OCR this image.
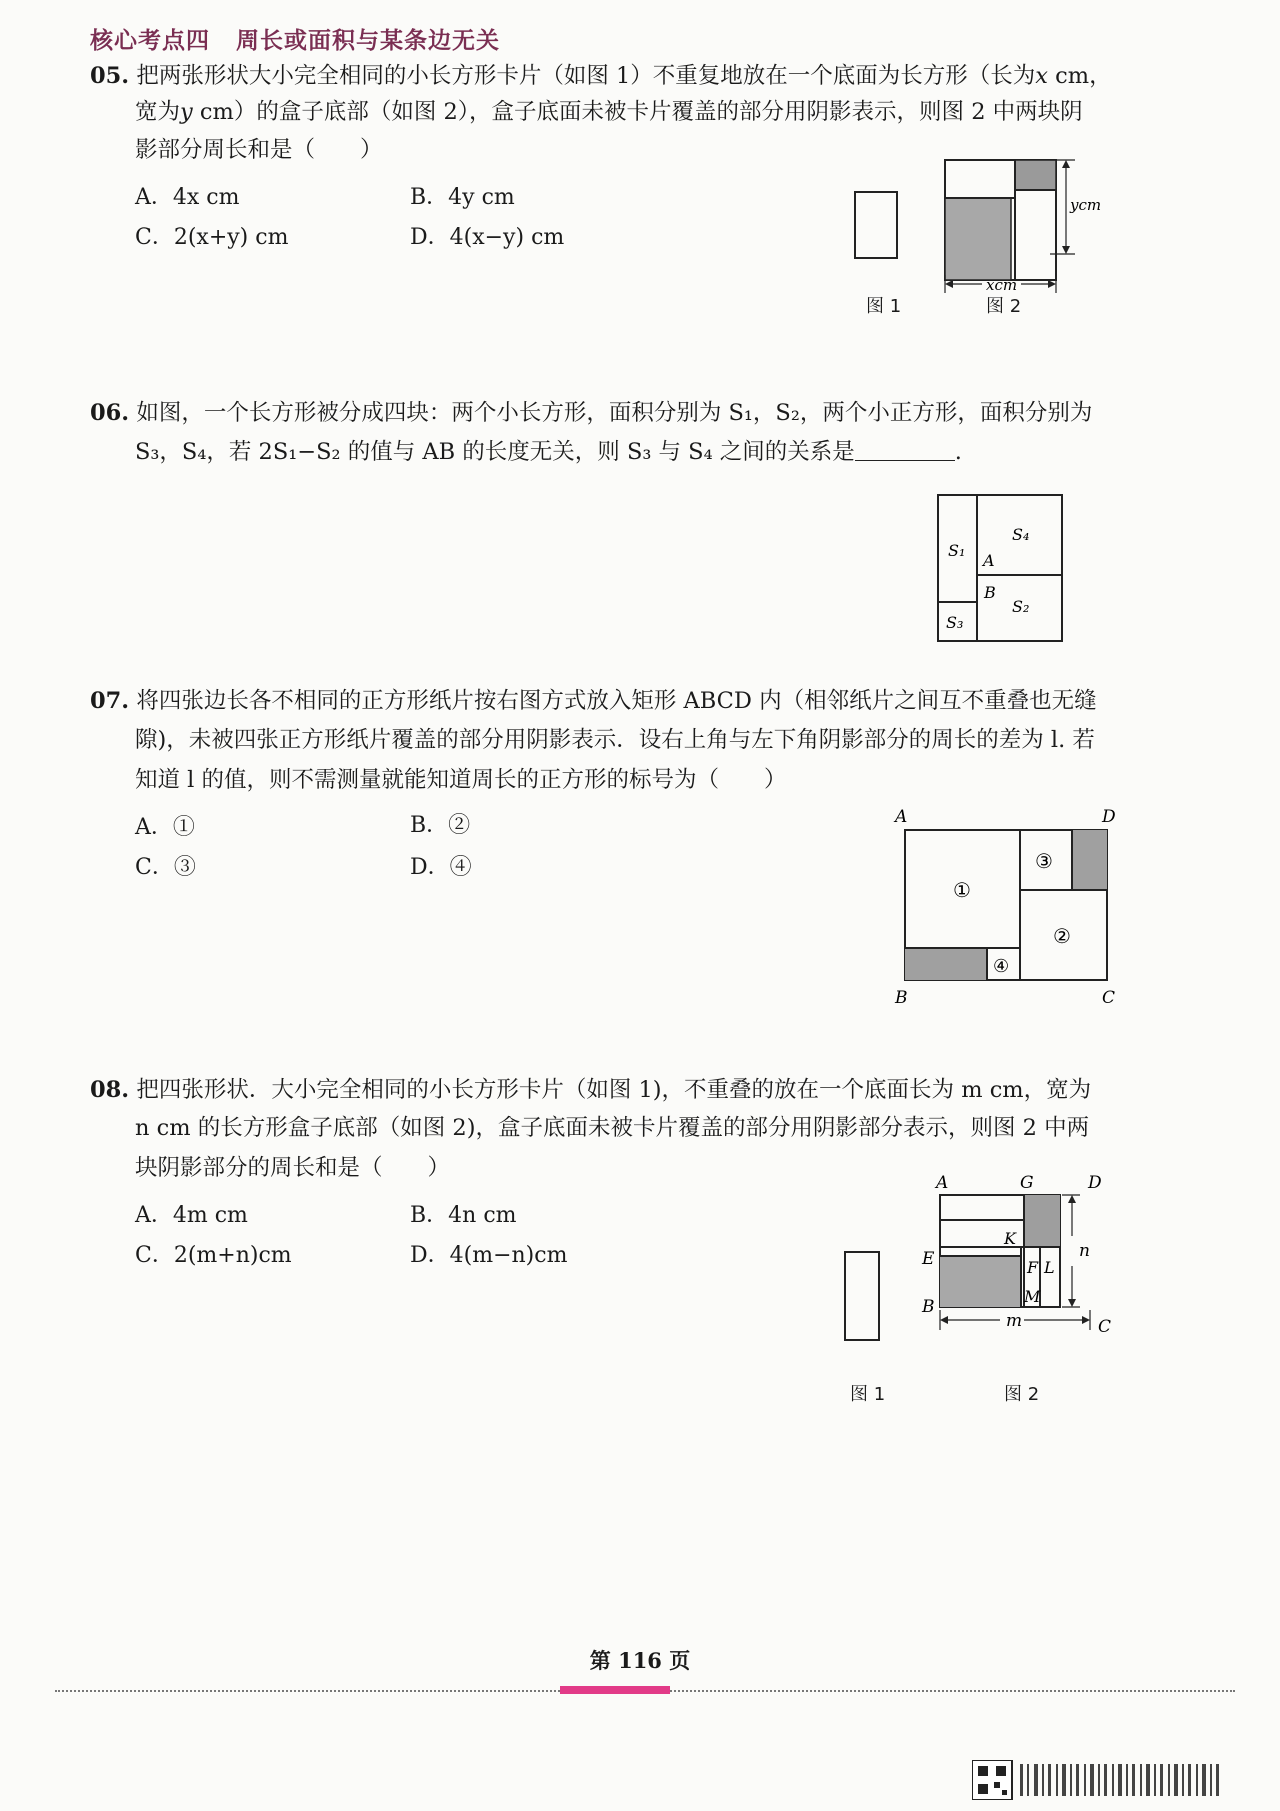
核心考点四 周长或面积与某条边无关
05. 把两张形状大小完全相同的小长方形卡片（如图 1）不重复地放在一个底面为长方形（长为x cm，
宽为y cm）的盒子底部（如图 2），盒子底面未被卡片覆盖的部分用阴影表示，则图 2 中两块阴
影部分周长和是（　　）
A．4x cm	B．4y cm
C．2(x+y) cm	D．4(x−y) cm
ycm
xcm
图 1	图 2
06. 如图，一个长方形被分成四块：两个小长方形，面积分别为 S₁，S₂，两个小正方形，面积分别为
S₃，S₄，若 2S₁−S₂ 的值与 AB 的长度无关，则 S₃ 与 S₄ 之间的关系是	.
S₁
S₄
A
B
S₂
S₃
07. 将四张边长各不相同的正方形纸片按右图方式放入矩形 ABCD 内（相邻纸片之间互不重叠也无缝
隙)，未被四张正方形纸片覆盖的部分用阴影表示．设右上角与左下角阴影部分的周长的差为 l. 若
知道 l 的值，则不需测量就能知道周长的正方形的标号为（　　）
A．①	B．②
C．③	D．④
A	D
B	C
①
③
②
④
08. 把四张形状．大小完全相同的小长方形卡片（如图 1)，不重叠的放在一个底面长为 m cm，宽为
n cm 的长方形盒子底部（如图 2)，盒子底面未被卡片覆盖的部分用阴影部分表示，则图 2 中两
块阴影部分的周长和是（　　）
A．4m cm	B．4n cm
C．2(m+n)cm	D．4(m−n)cm
A	G	D
E
K
F L
M
B
C
n
m
图 1	图 2
第 116 页
